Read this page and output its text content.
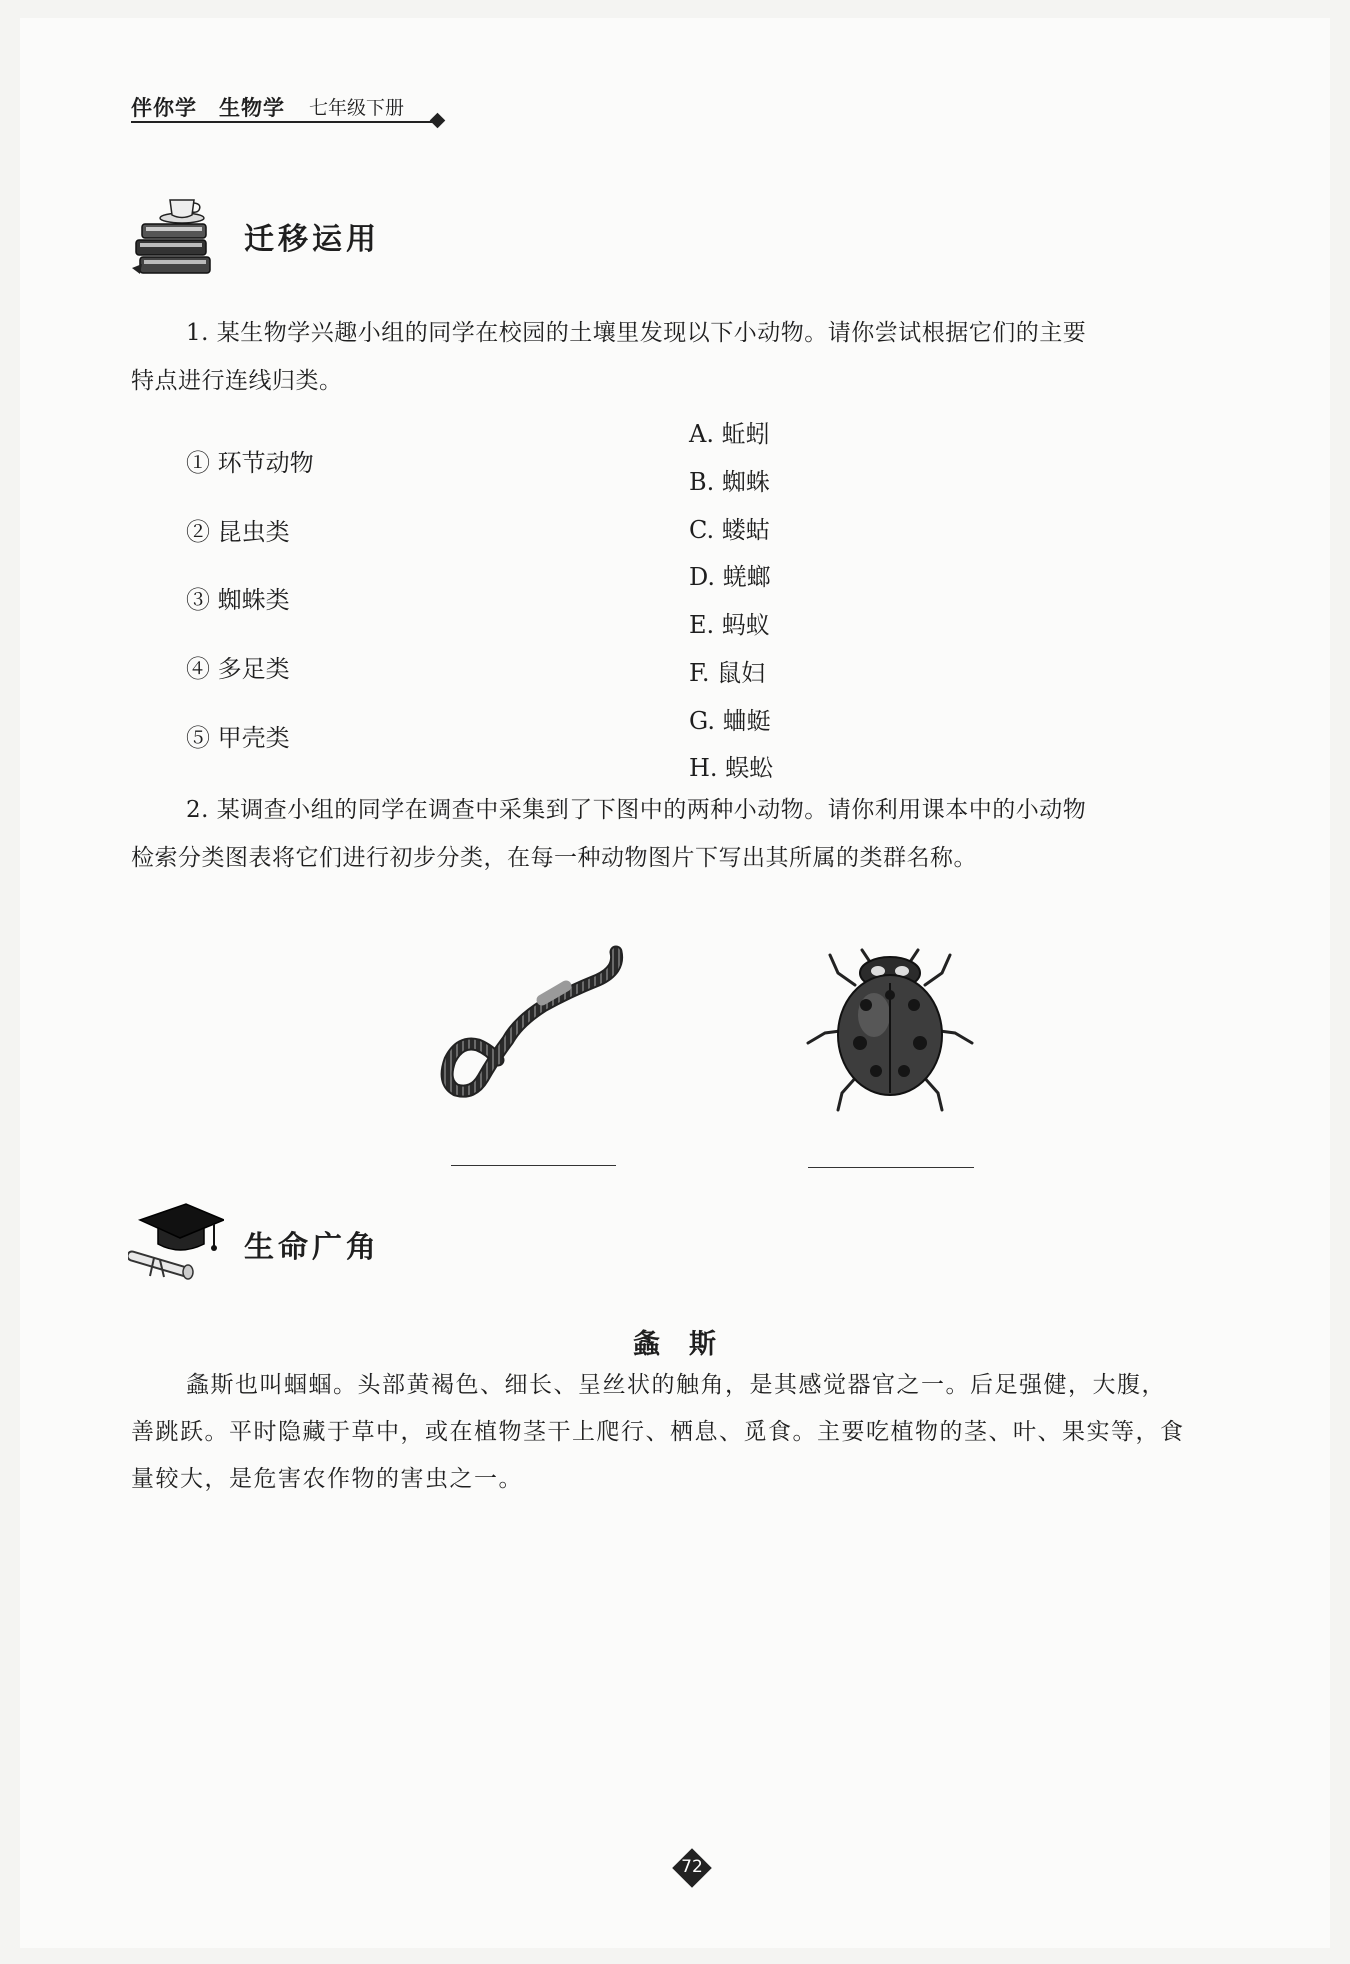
伴你学 生物学 七年级下册
迁移运用
1. 某生物学兴趣小组的同学在校园的土壤里发现以下小动物。请你尝试根据它们的主要
特点进行连线归类。
① 环节动物
② 昆虫类
③ 蜘蛛类
④ 多足类
⑤ 甲壳类
A. 蚯蚓
B. 蜘蛛
C. 蝼蛄
D. 蜣螂
E. 蚂蚁
F. 鼠妇
G. 蛐蜓
H. 蜈蚣
2. 某调查小组的同学在调查中采集到了下图中的两种小动物。请你利用课本中的小动物
检索分类图表将它们进行初步分类，在每一种动物图片下写出其所属的类群名称。
生命广角
螽　斯
螽斯也叫蝈蝈。头部黄褐色、细长、呈丝状的触角，是其感觉器官之一。后足强健，大腹，
善跳跃。平时隐藏于草中，或在植物茎干上爬行、栖息、觅食。主要吃植物的茎、叶、果实等，食
量较大，是危害农作物的害虫之一。
72
